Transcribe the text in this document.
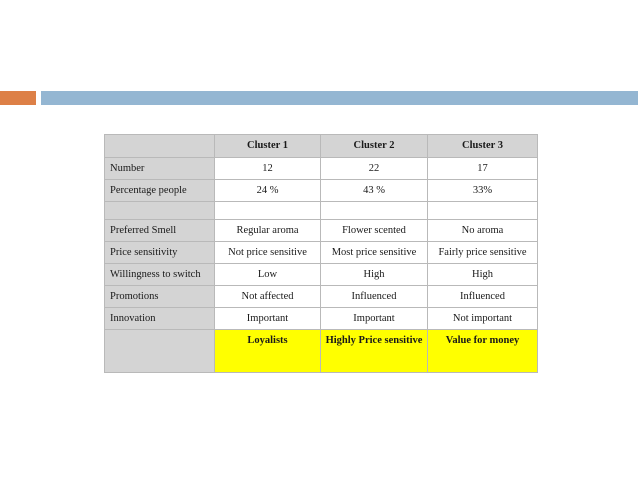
	Cluster 1	Cluster 2	Cluster 3
Number	12	22	17
Percentage people	24 %	43 %	33%

Preferred Smell	Regular aroma	Flower scented	No aroma
Price sensitivity	Not price sensitive	Most price sensitive	Fairly price sensitive
Willingness to switch	Low	High	High
Promotions	Not affected	Influenced	Influenced
Innovation	Important	Important	Not important
	Loyalists	Highly Price sensitive	Value for money
